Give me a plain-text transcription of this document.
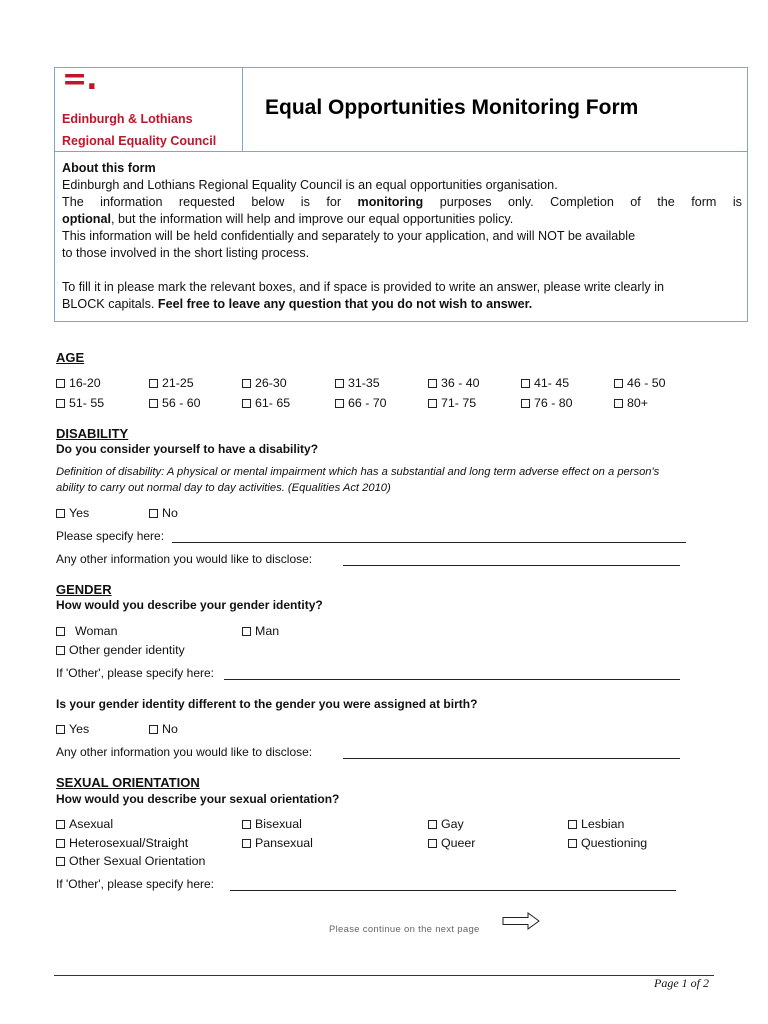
=.
Edinburgh & Lothians
Regional Equality Council
Equal Opportunities Monitoring Form

About this form

Edinburgh and Lothians Regional Equality Council is an equal opportunities organisation.

The information requested below is for monitoring purposes only. Completion of the form is

optional, but the information will help and improve our equal opportunities policy.

This information will be held confidentially and separately to your application, and will NOT be available

to those involved in the short listing process.

To fill it in please mark the relevant boxes, and if space is provided to write an answer, please write clearly in

BLOCK capitals. Feel free to leave any question that you do not wish to answer.

AGE
16-20	21-25	26-30	31-35	36 - 40	41- 45	46 - 50
51- 55	56 - 60	61- 65	66 - 70	71- 75	76 - 80	80+
DISABILITY
Do you consider yourself to have a disability?
Definition of disability: A physical or mental impairment which has a substantial and long term adverse effect on a person's
ability to carry out normal day to day activities. (Equalities Act 2010)
Yes	No
Please specify here:
Any other information you would like to disclose:
GENDER
How would you describe your gender identity?
Woman	Man
Other gender identity
If 'Other', please specify here:
Is your gender identity different to the gender you were assigned at birth?
Yes	No
Any other information you would like to disclose:
SEXUAL ORIENTATION
How would you describe your sexual orientation?
Asexual	Bisexual	Gay	Lesbian
Heterosexual/Straight	Pansexual	Queer	Questioning
Other Sexual Orientation
If 'Other', please specify here:
Please continue on the next page
Page 1 of 2
